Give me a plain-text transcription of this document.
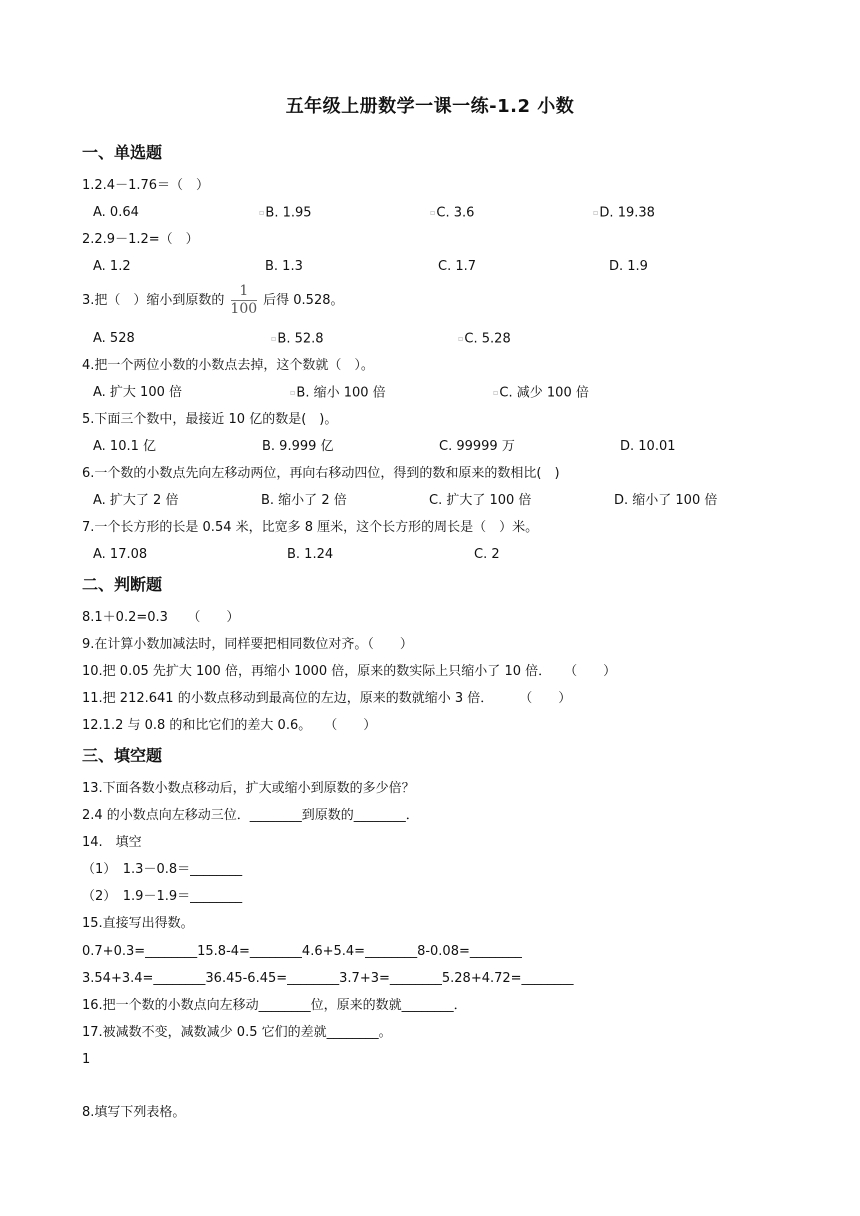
五年级上册数学一课一练-1.2 小数
一、单选题
1.2.4－1.76＝（　）
A. 0.64	▫B. 1.95	▫C. 3.6	▫D. 19.38
2.2.9－1.2=（　）
A. 1.2	B. 1.3	C. 1.7	D. 1.9
3.把（　）缩小到原数的 $\frac{1}{100}$ 后得 0.528。
A. 528	▫B. 52.8	▫C. 5.28
4.把一个两位小数的小数点去掉，这个数就（　）。
A. 扩大 100 倍	▫B. 缩小 100 倍	▫C. 减少 100 倍
5.下面三个数中，最接近 10 亿的数是(　)。
A. 10.1 亿	B. 9.999 亿	C. 99999 万	D. 10.01
6.一个数的小数点先向左移动两位，再向右移动四位，得到的数和原来的数相比(　)
A. 扩大了 2 倍	B. 缩小了 2 倍	C. 扩大了 100 倍	D. 缩小了 100 倍
7.一个长方形的长是 0.54 米，比宽多 8 厘米，这个长方形的周长是（　）米。
A. 17.08	B. 1.24	C. 2
二、判断题
8.1＋0.2=0.3　　（　　）
9.在计算小数加减法时，同样要把相同数位对齐。（　　）
10.把 0.05 先扩大 100 倍，再缩小 1000 倍，原来的数实际上只缩小了 10 倍．　　（　　）
11.把 212.641 的小数点移动到最高位的左边，原来的数就缩小 3 倍．　　　（　　）
12.1.2 与 0.8 的和比它们的差大 0.6。　　（　　）
三、填空题
13.下面各数小数点移动后，扩大或缩小到原数的多少倍？
2.4 的小数点向左移动三位．________到原数的________．
14.　填空
（1）　1.3－0.8＝________
（2）　1.9－1.9＝________
15.直接写出得数。
0.7+0.3=________15.8-4=________4.6+5.4=________8-0.08=________
3.54+3.4=________36.45-6.45=________3.7+3=________5.28+4.72=________
16.把一个数的小数点向左移动________位，原来的数就________．
17.被减数不变，减数减少 0.5 它们的差就________。
1
8.填写下列表格。
